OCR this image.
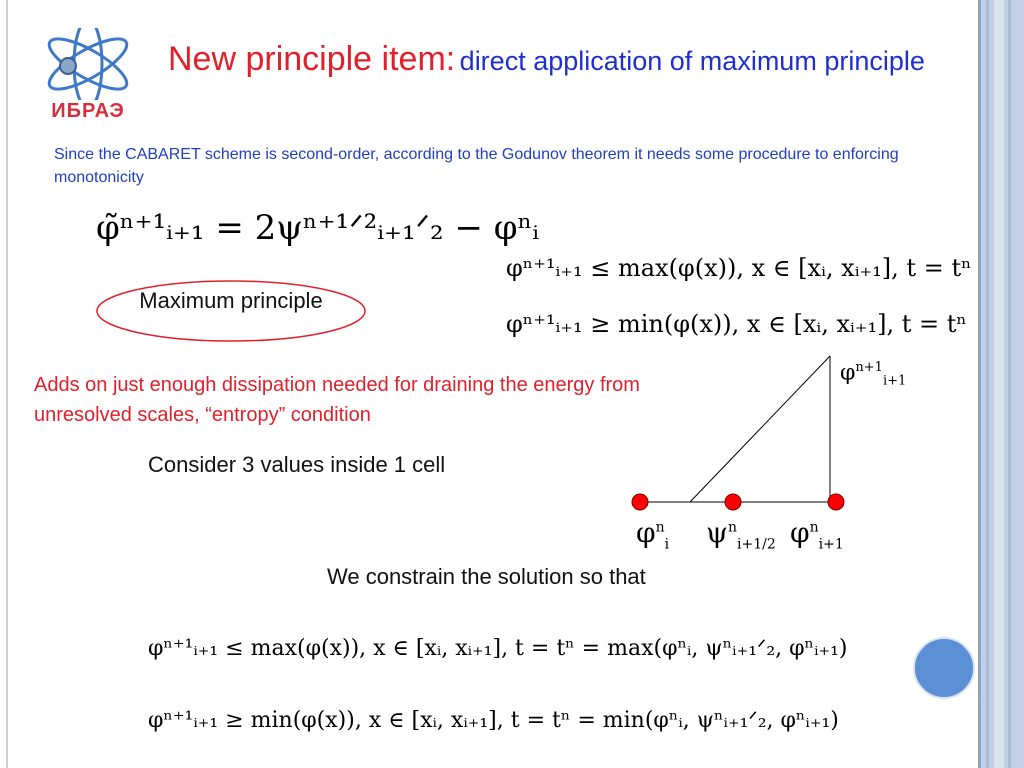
ИБРАЭ
New principle item: direct application of maximum principle
Since the CABARET scheme is second-order, according to the Godunov theorem it needs some procedure to enforcing monotonicity
φ̃ⁿ⁺¹ᵢ₊₁ = 2ψⁿ⁺¹ᐟ²ᵢ₊₁ᐟ₂ − φⁿᵢ
φⁿ⁺¹ᵢ₊₁ ≤ max(φ(x)), x ∈ [xᵢ, xᵢ₊₁], t = tⁿ
φⁿ⁺¹ᵢ₊₁ ≥ min(φ(x)), x ∈ [xᵢ, xᵢ₊₁], t = tⁿ
Maximum principle
Adds on just enough dissipation needed for draining the energy from unresolved scales, “entropy” condition
Consider 3 values inside 1 cell
$\varphi^{n+1}_{i+1}$
$\varphi^n_i$ $\psi^n_{i+1/2}$ $\varphi^n_{i+1}$
We constrain the solution so that
φⁿ⁺¹ᵢ₊₁ ≤ max(φ(x)), x ∈ [xᵢ, xᵢ₊₁], t = tⁿ = max(φⁿᵢ, ψⁿᵢ₊₁ᐟ₂, φⁿᵢ₊₁)
φⁿ⁺¹ᵢ₊₁ ≥ min(φ(x)), x ∈ [xᵢ, xᵢ₊₁], t = tⁿ = min(φⁿᵢ, ψⁿᵢ₊₁ᐟ₂, φⁿᵢ₊₁)
